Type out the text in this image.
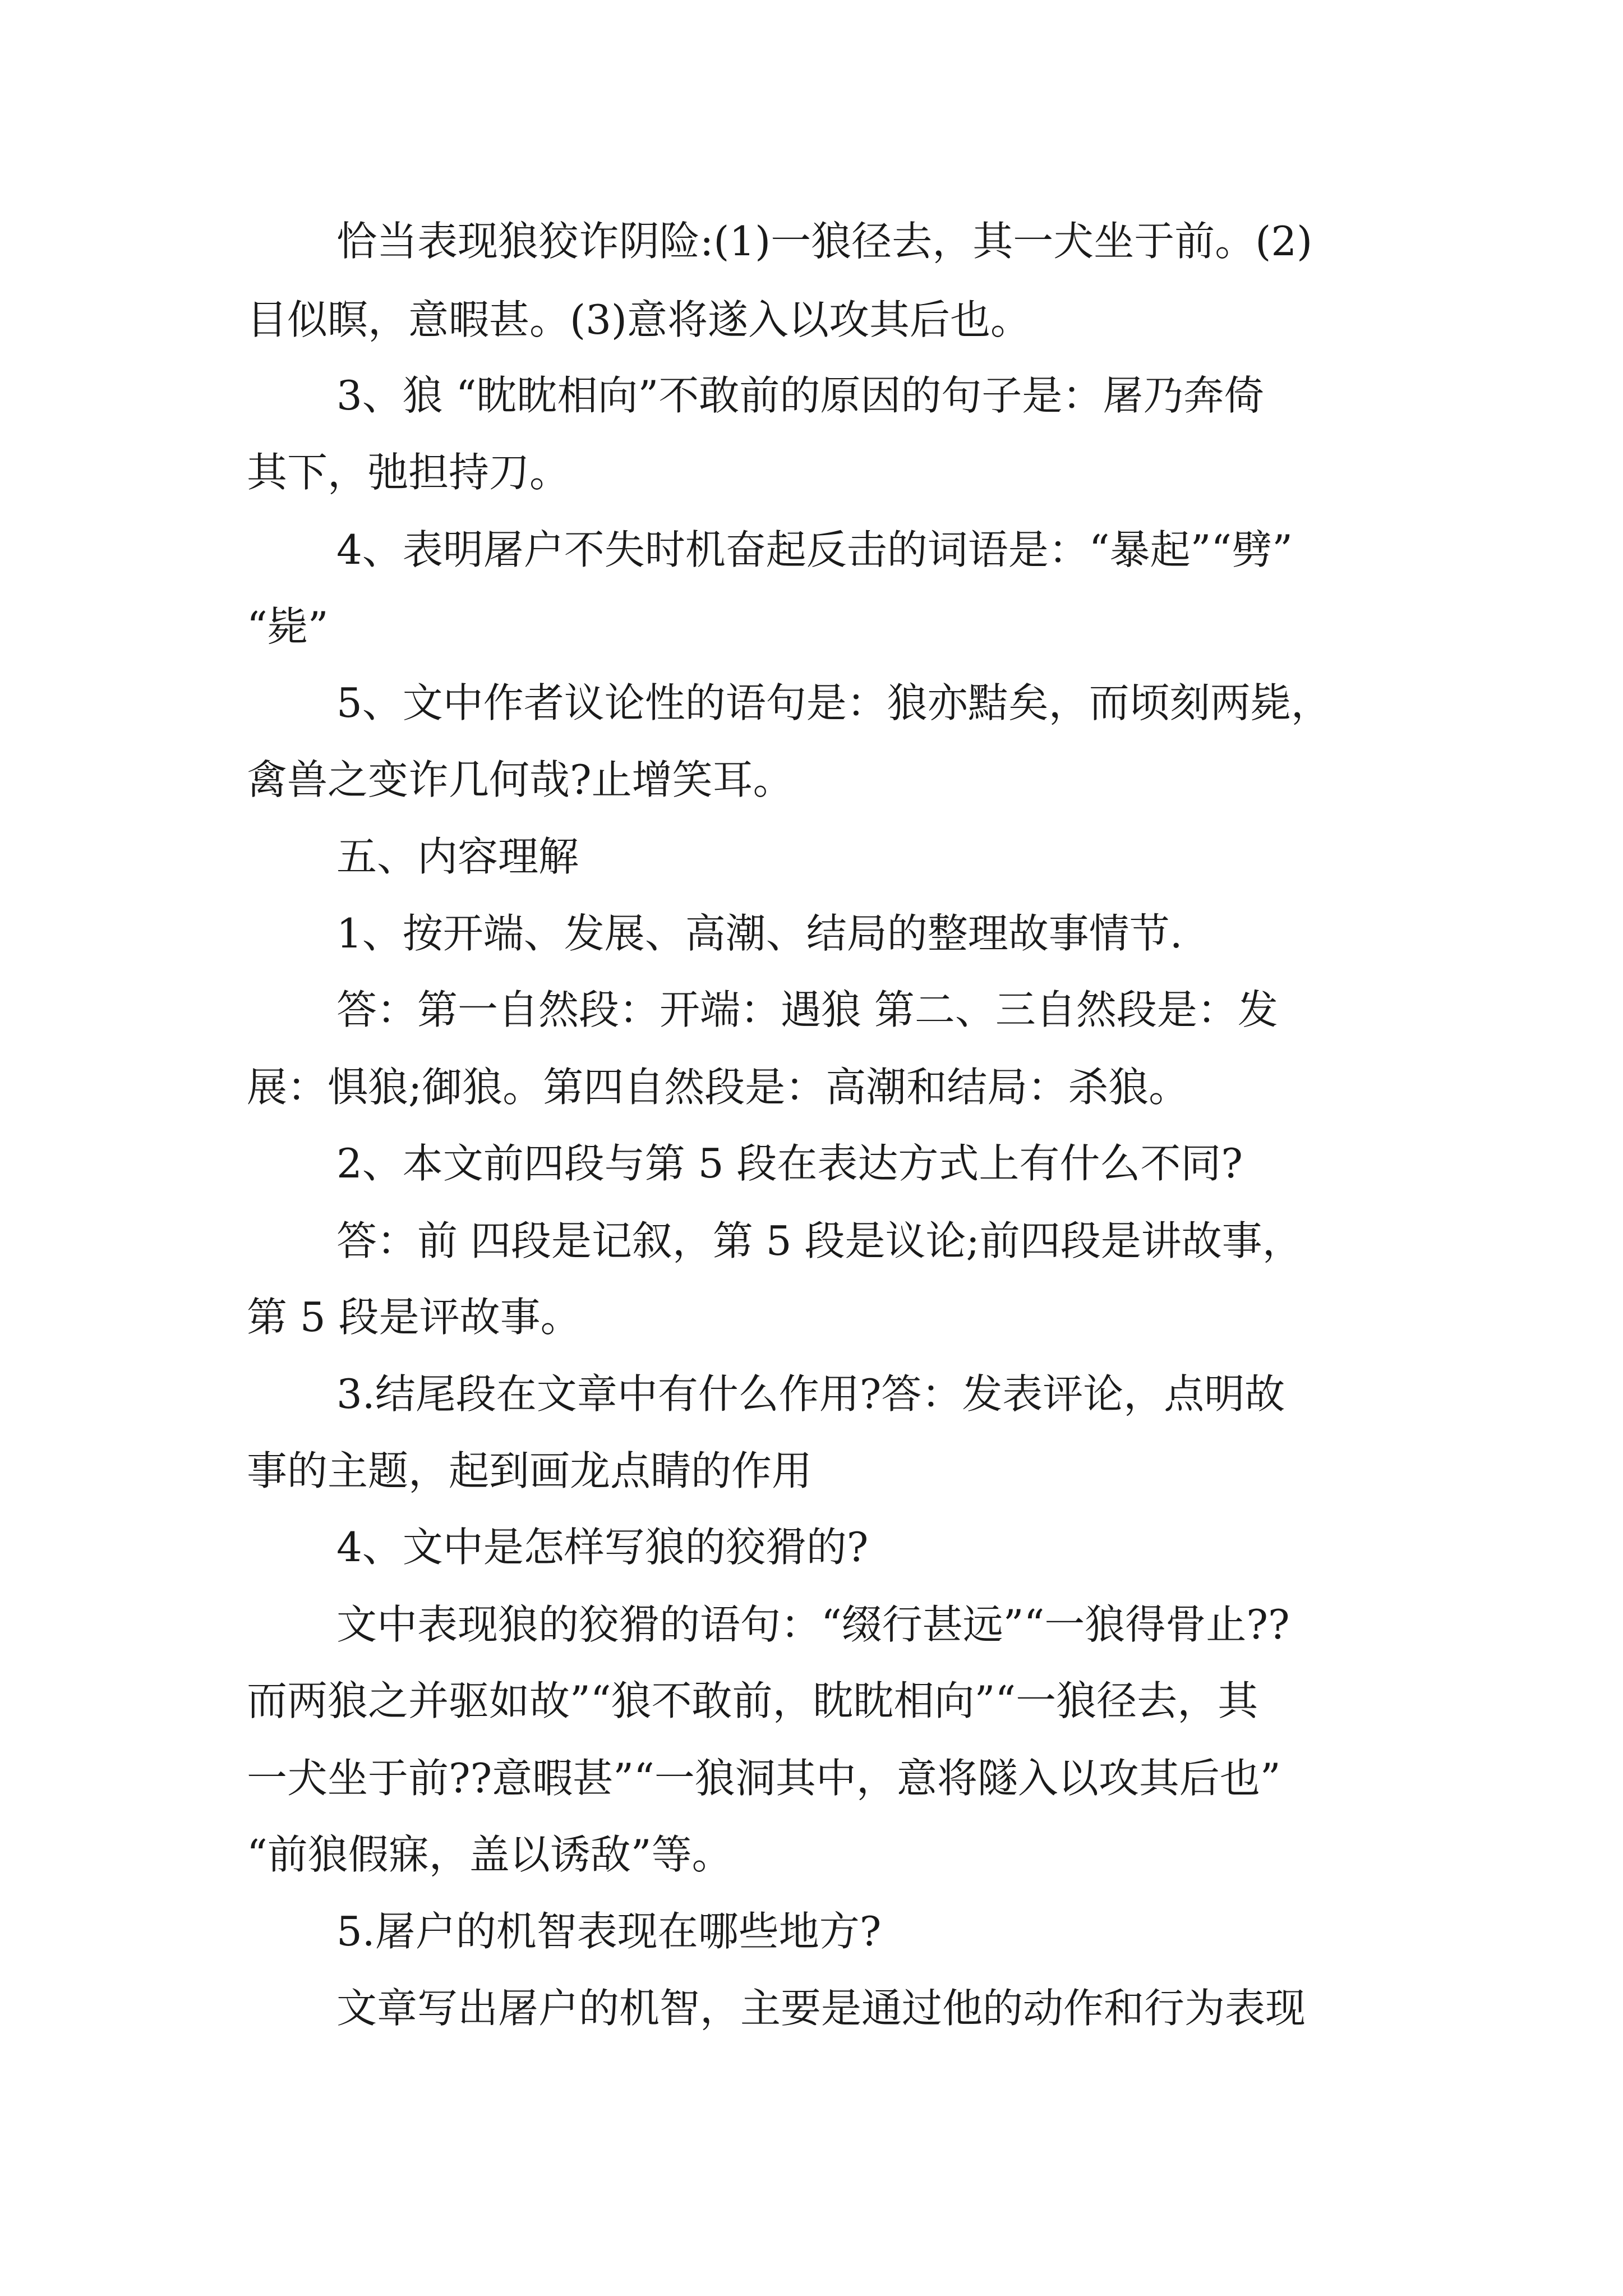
恰当表现狼狡诈阴险:(1)一狼径去，其一犬坐于前。(2)
目似瞑，意暇甚。(3)意将遂入以攻其后也。
3、狼 “眈眈相向”不敢前的原因的句子是：屠乃奔倚
其下，弛担持刀。
4、表明屠户不失时机奋起反击的词语是：“暴起”“劈”
“毙”
5、文中作者议论性的语句是：狼亦黠矣，而顷刻两毙，
禽兽之变诈几何哉?止增笑耳。
五、内容理解
1、按开端、发展、高潮、结局的整理故事情节.
答：第一自然段：开端：遇狼 第二、三自然段是：发
展：惧狼;御狼。第四自然段是：高潮和结局：杀狼。
2、本文前四段与第 5 段在表达方式上有什么不同?
答：前 四段是记叙，第 5 段是议论;前四段是讲故事，
第 5 段是评故事。
3.结尾段在文章中有什么作用?答：发表评论，点明故
事的主题，起到画龙点睛的作用
4、文中是怎样写狼的狡猾的?
文中表现狼的狡猾的语句：“缀行甚远”“一狼得骨止??
而两狼之并驱如故”“狼不敢前，眈眈相向”“一狼径去，其
一犬坐于前??意暇甚”“一狼洞其中，意将隧入以攻其后也”
“前狼假寐，盖以诱敌”等。
5.屠户的机智表现在哪些地方?
文章写出屠户的机智，主要是通过他的动作和行为表现
